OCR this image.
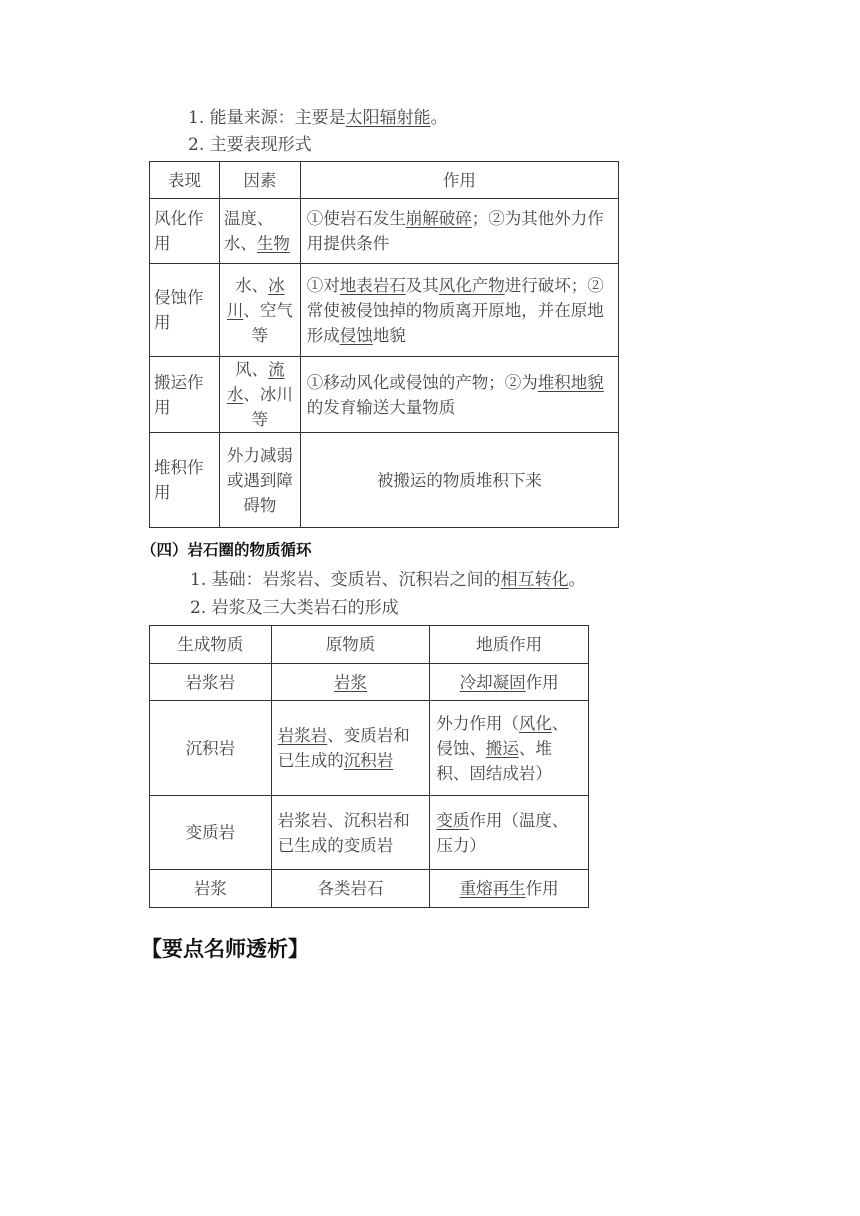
1. 能量来源：主要是太阳辐射能。
2. 主要表现形式
表现	因素	作用
风化作用	温度、水、生物	①使岩石发生崩解破碎；②为其他外力作用提供条件
侵蚀作用	水、冰川、空气等	①对地表岩石及其风化产物进行破坏；②常使被侵蚀掉的物质离开原地，并在原地形成侵蚀地貌
搬运作用	风、流水、冰川等	①移动风化或侵蚀的产物；②为堆积地貌的发育输送大量物质
堆积作用	外力减弱或遇到障碍物	被搬运的物质堆积下来
（四）岩石圈的物质循环
1. 基础：岩浆岩、变质岩、沉积岩之间的相互转化。
2. 岩浆及三大类岩石的形成
生成物质	原物质	地质作用
岩浆岩	岩浆	冷却凝固作用
沉积岩	岩浆岩、变质岩和已生成的沉积岩	外力作用（风化、侵蚀、搬运、堆积、固结成岩）
变质岩	岩浆岩、沉积岩和已生成的变质岩	变质作用（温度、压力）
岩浆	各类岩石	重熔再生作用
【要点名师透析】
